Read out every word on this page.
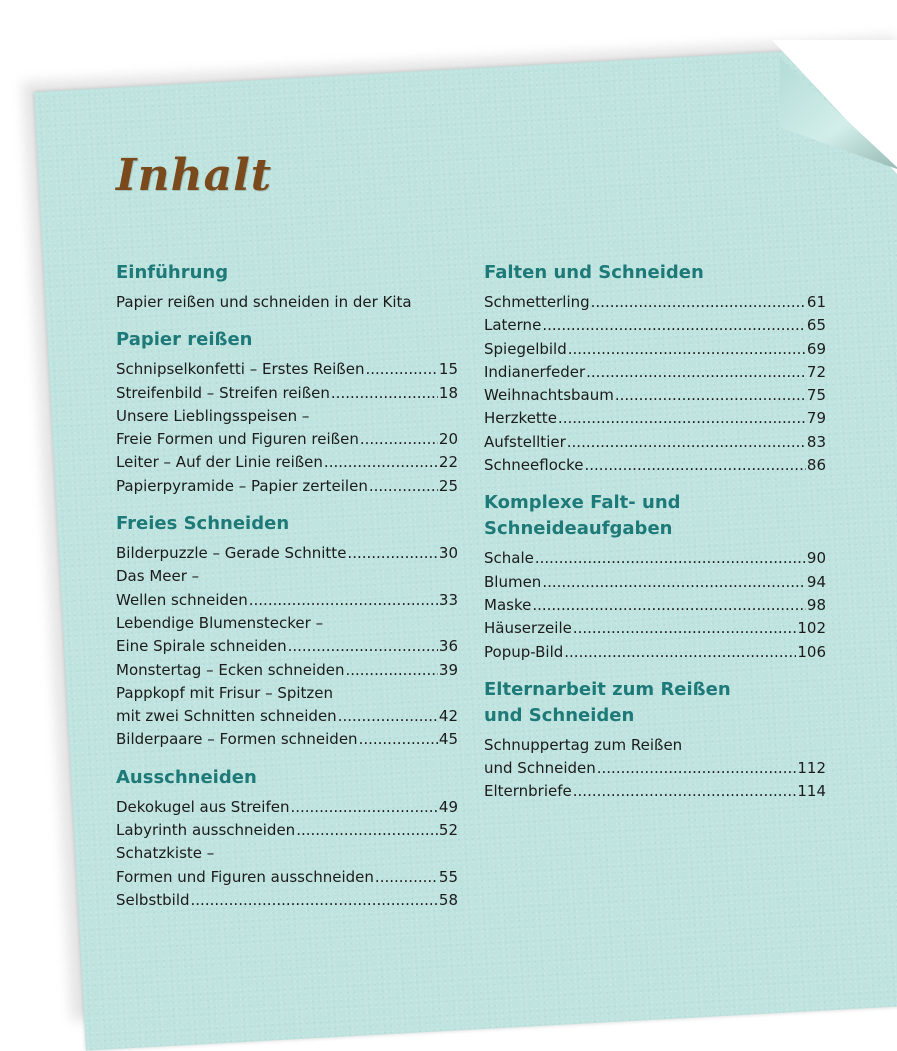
Inhalt
Einführung
Papier reißen und schneiden in der Kita
Papier reißen
Schnipselkonfetti – Erstes Reißen .....	15
Streifenbild – Streifen reißen .....	18
Unsere Lieblingsspeisen –
Freie Formen und Figuren reißen .....	20
Leiter – Auf der Linie reißen .....	22
Papierpyramide – Papier zerteilen .....	25
Freies Schneiden
Bilderpuzzle – Gerade Schnitte .....	30
Das Meer –
Wellen schneiden .....	33
Lebendige Blumenstecker –
Eine Spirale schneiden .....	36
Monstertag – Ecken schneiden .....	39
Pappkopf mit Frisur – Spitzen
mit zwei Schnitten schneiden .....	42
Bilderpaare – Formen schneiden .....	45
Ausschneiden
Dekokugel aus Streifen .....	49
Labyrinth ausschneiden .....	52
Schatzkiste –
Formen und Figuren ausschneiden .....	55
Selbstbild .....	58
Falten und Schneiden
Schmetterling .....	61
Laterne .....	65
Spiegelbild .....	69
Indianerfeder .....	72
Weihnachtsbaum .....	75
Herzkette .....	79
Aufstelltier .....	83
Schneeflocke .....	86
Komplexe Falt- und
Schneideaufgaben
Schale .....	90
Blumen .....	94
Maske .....	98
Häuserzeile .....	102
Popup-Bild .....	106
Elternarbeit zum Reißen
und Schneiden
Schnuppertag zum Reißen
und Schneiden .....	112
Elternbriefe .....	114
